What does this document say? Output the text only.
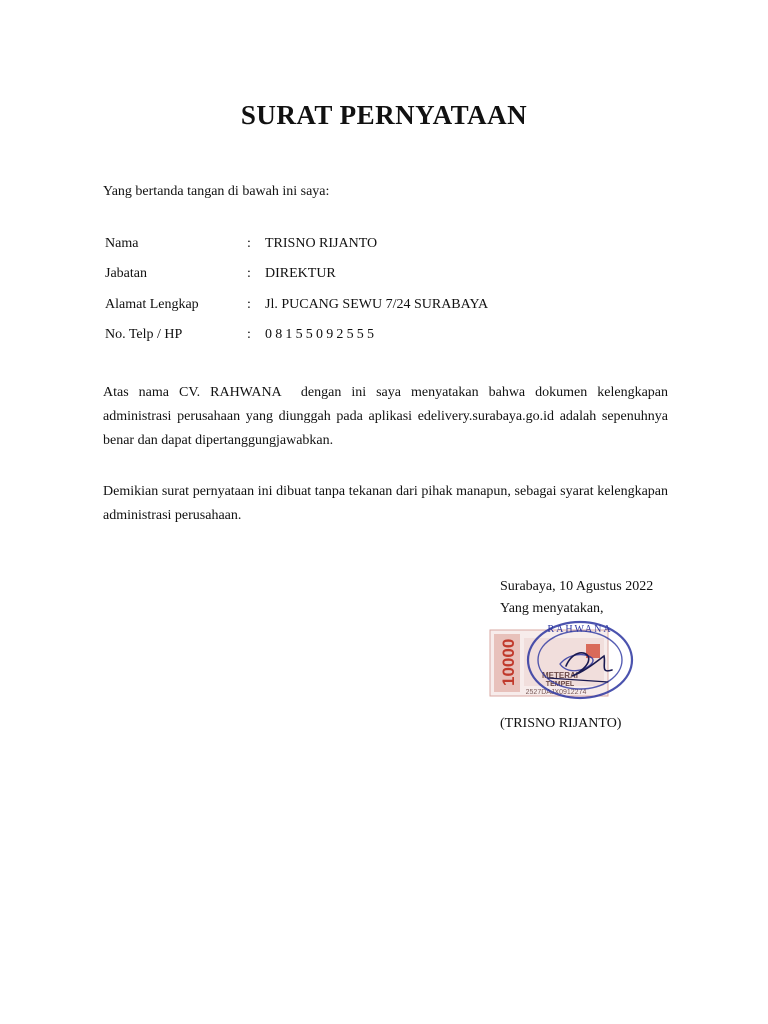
SURAT PERNYATAAN
Yang bertanda tangan di bawah ini saya:
Nama	: TRISNO RIJANTO
Jabatan	: DIREKTUR
Alamat Lengkap	: Jl. PUCANG SEWU 7/24 SURABAYA
No. Telp / HP	: 08155092555

Atas nama CV. RAHWANA  dengan ini saya menyatakan bahwa dokumen kelengkapan administrasi perusahaan yang diunggah pada aplikasi edelivery.surabaya.go.id adalah sepenuhnya benar dan dapat dipertanggungjawabkan.

Demikian surat pernyataan ini dibuat tanpa tekanan dari pihak manapun, sebagai syarat kelengkapan administrasi perusahaan.

Surabaya, 10 Agustus 2022
Yang menyatakan,
10000	METERAI
TEMPEL
2527DAJX0912274
RAHWANA
(TRISNO RIJANTO)
